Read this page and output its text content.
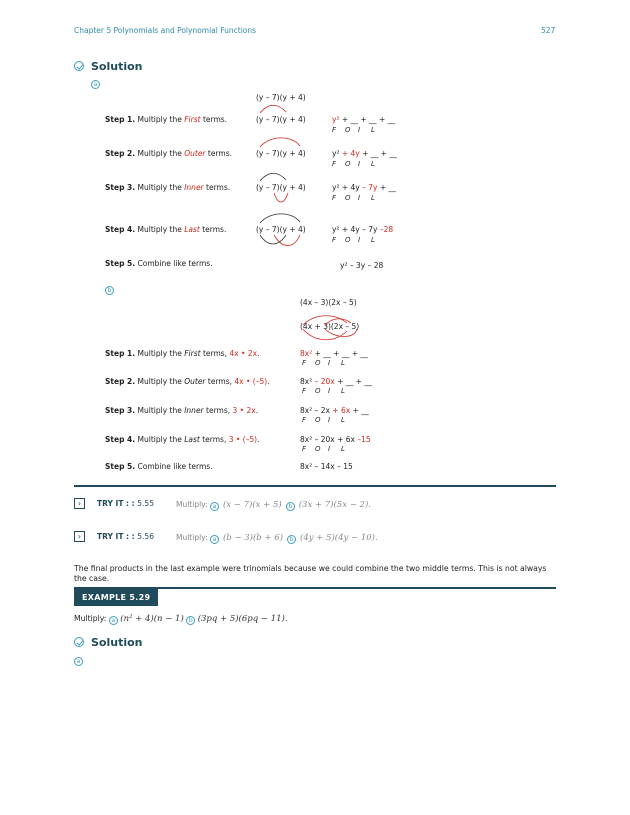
Chapter 5 Polynomials and Polynomial Functions	527
Solution
a
(y – 7)(y + 4)
Step 1. Multiply the First terms.	(y – 7)(y + 4)	y² + __ + __ + __
F O I L
Step 2. Multiply the Outer terms.	(y – 7)(y + 4)	y² + 4y + __ + __
F O I L
Step 3. Multiply the Inner terms.	(y – 7)(y + 4)	y² + 4y – 7y + __
F O I L
Step 4. Multiply the Last terms.	(y – 7)(y + 4)	y² + 4y – 7y –28
F O I L
Step 5. Combine like terms.	y² – 3y – 28
b
(4x – 3)(2x – 5)
(4x + 3)(2x – 5)
Step 1. Multiply the First terms, 4x • 2x.	8x² + __ + __ + __
F O I L
Step 2. Multiply the Outer terms, 4x • (–5).	8x² – 20x + __ + __
F O I L
Step 3. Multiply the Inner terms, 3 • 2x.	8x² – 2x + 6x + __
F O I L
Step 4. Multiply the Last terms, 3 • (–5).	8x² – 20x + 6x –15
F O I L
Step 5. Combine like terms.	8x² – 14x – 15
›	TRY IT : : 5.55	Multiply: a (x − 7)(x + 5) b (3x + 7)(5x − 2).
›	TRY IT : : 5.56	Multiply: a (b − 3)(b + 6) b (4y + 5)(4y − 10).
The final products in the last example were trinomials because we could combine the two middle terms. This is not always the case.
EXAMPLE 5.29
Multiply: a (n² + 4)(n − 1) b (3pq + 5)(6pq − 11).
Solution
a
